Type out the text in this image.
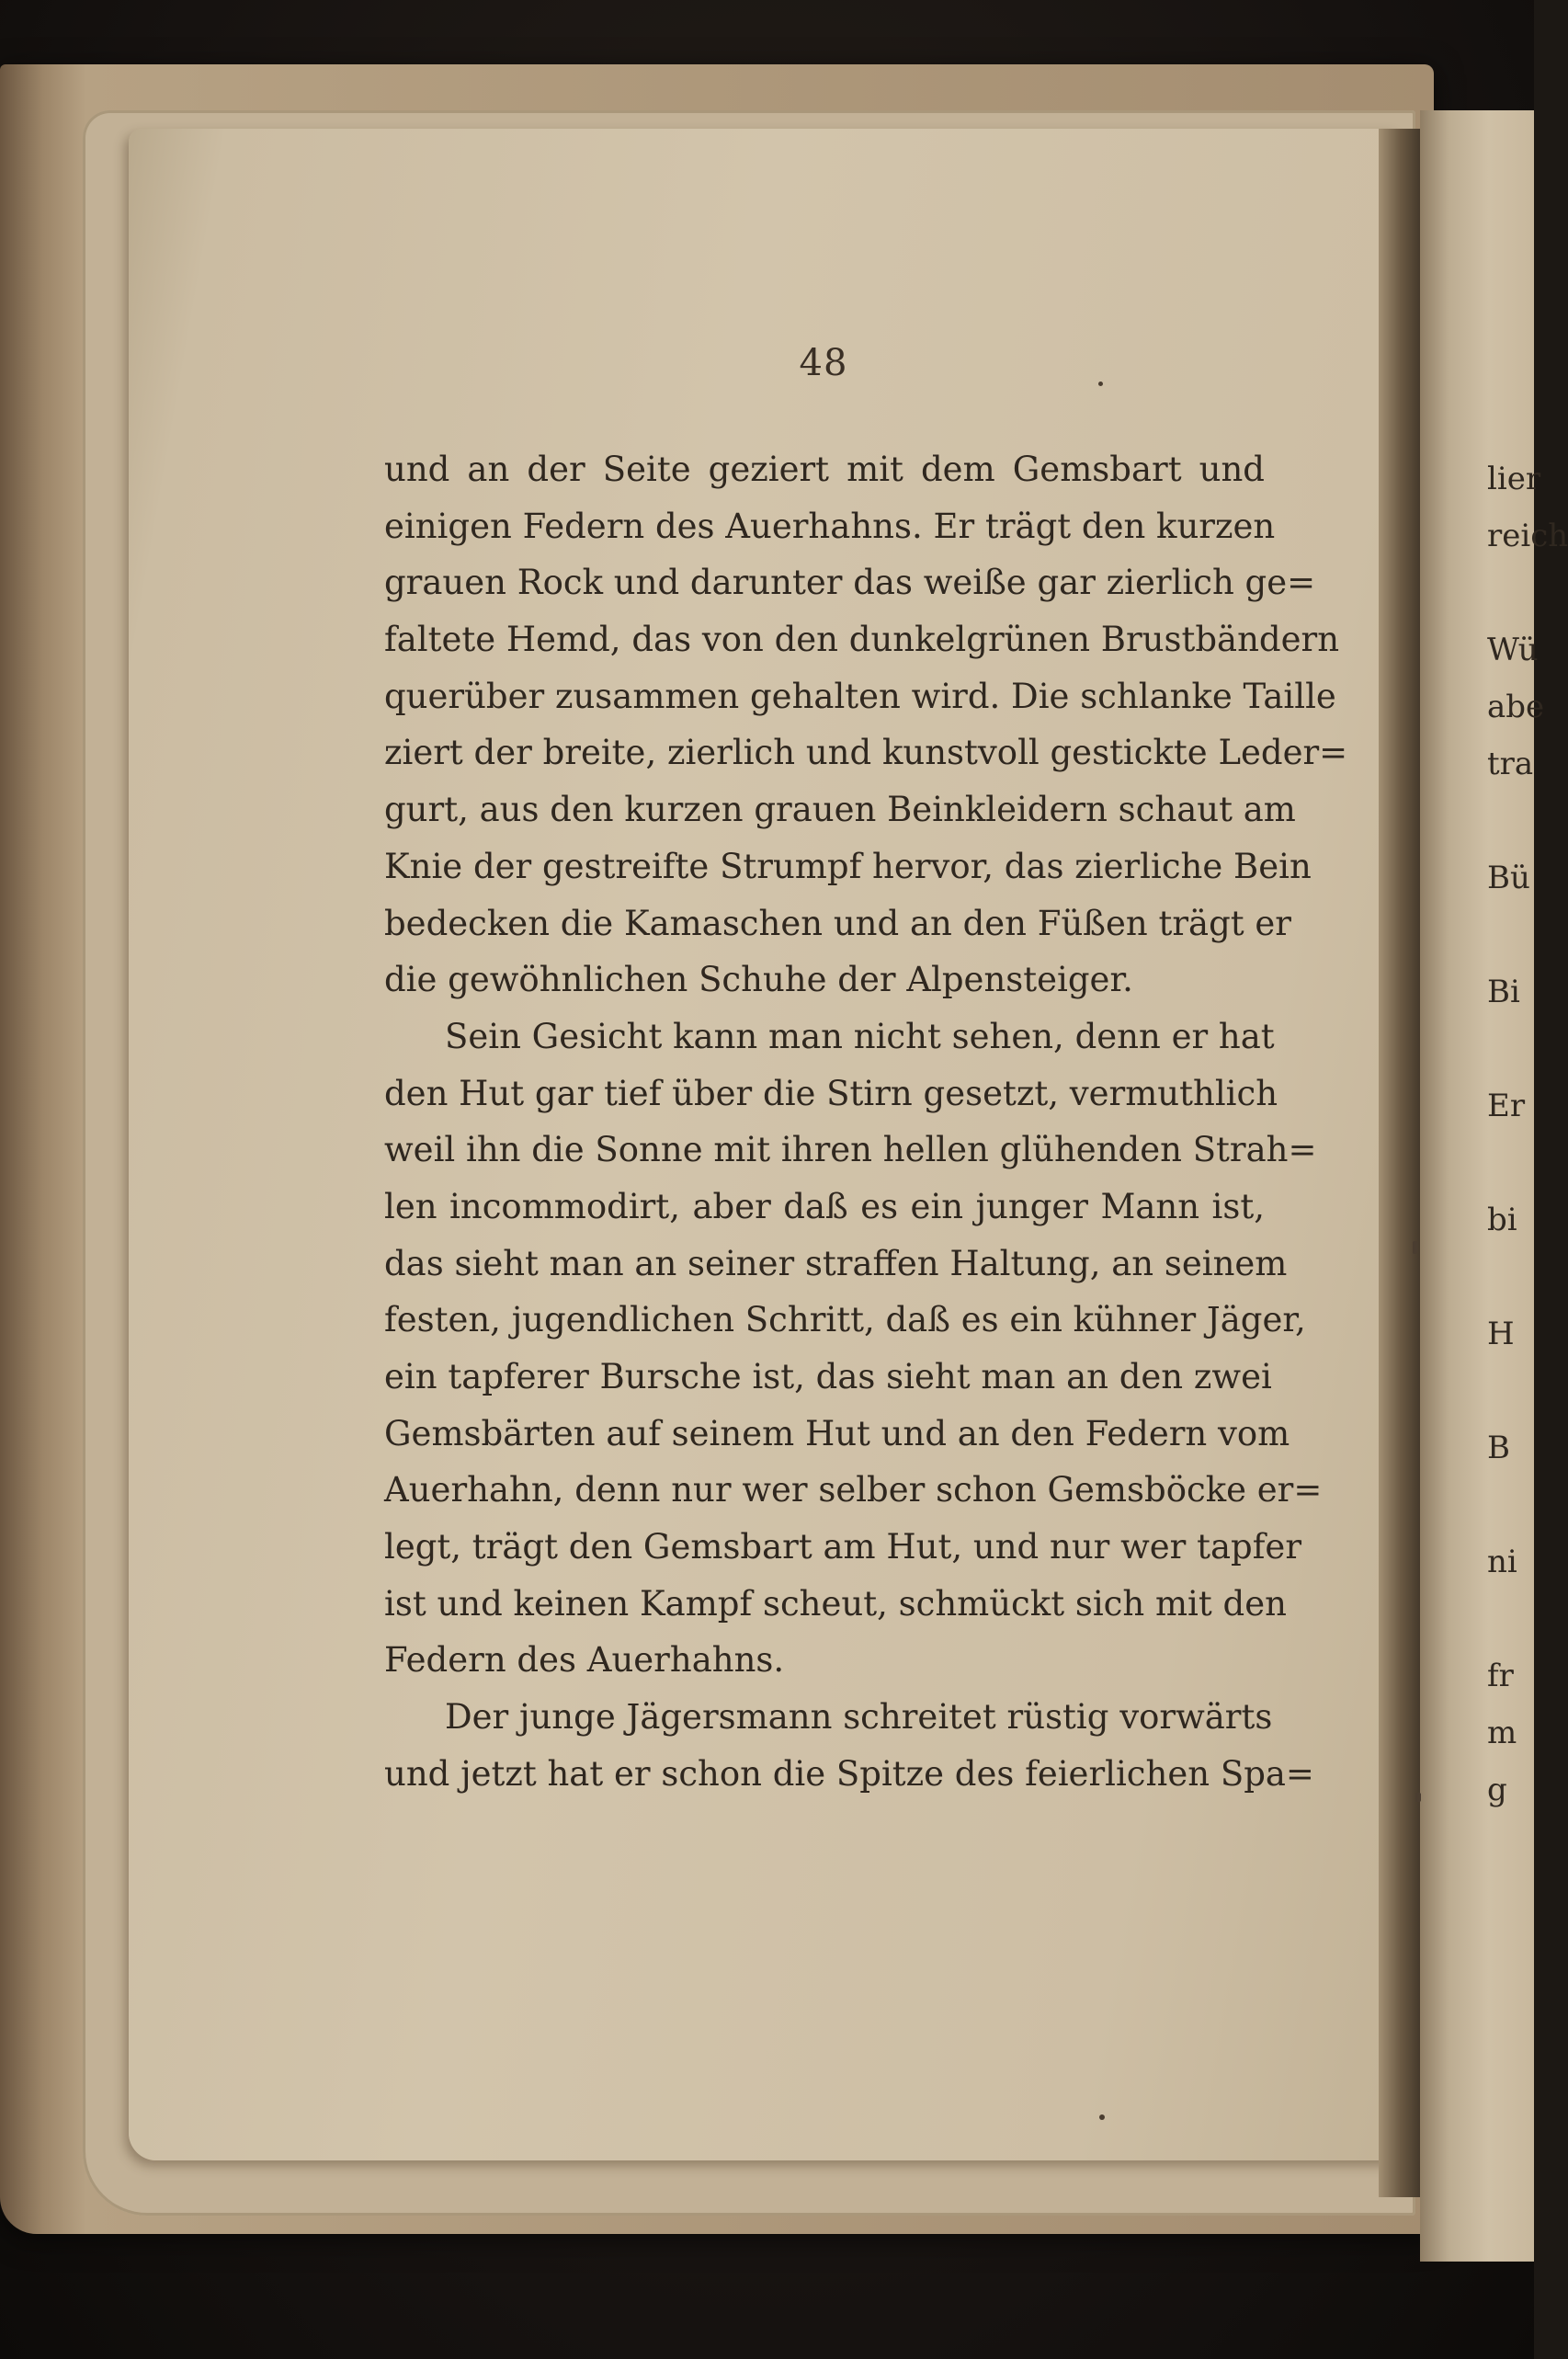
48
und an der Seite geziert mit dem Gemsbart und
einigen Federn des Auerhahns. Er trägt den kurzen
grauen Rock und darunter das weiße gar zierlich ge=
faltete Hemd, das von den dunkelgrünen Brustbändern
querüber zusammen gehalten wird. Die schlanke Taille
ziert der breite, zierlich und kunstvoll gestickte Leder=
gurt, aus den kurzen grauen Beinkleidern schaut am
Knie der gestreifte Strumpf hervor, das zierliche Bein
bedecken die Kamaschen und an den Füßen trägt er
die gewöhnlichen Schuhe der Alpensteiger.
Sein Gesicht kann man nicht sehen, denn er hat
den Hut gar tief über die Stirn gesetzt, vermuthlich
weil ihn die Sonne mit ihren hellen glühenden Strah=
len incommodirt, aber daß es ein junger Mann ist,
das sieht man an seiner straffen Haltung, an seinem
festen, jugendlichen Schritt, daß es ein kühner Jäger,
ein tapferer Bursche ist, das sieht man an den zwei
Gemsbärten auf seinem Hut und an den Federn vom
Auerhahn, denn nur wer selber schon Gemsböcke er=
legt, trägt den Gemsbart am Hut, und nur wer tapfer
ist und keinen Kampf scheut, schmückt sich mit den
Federn des Auerhahns.
Der junge Jägersmann schreitet rüstig vorwärts
und jetzt hat er schon die Spitze des feierlichen Spa=
lier
reich
Wü
abe
tra
Bü
Bi
Er
bi
H
B
ni
fr
m
g
